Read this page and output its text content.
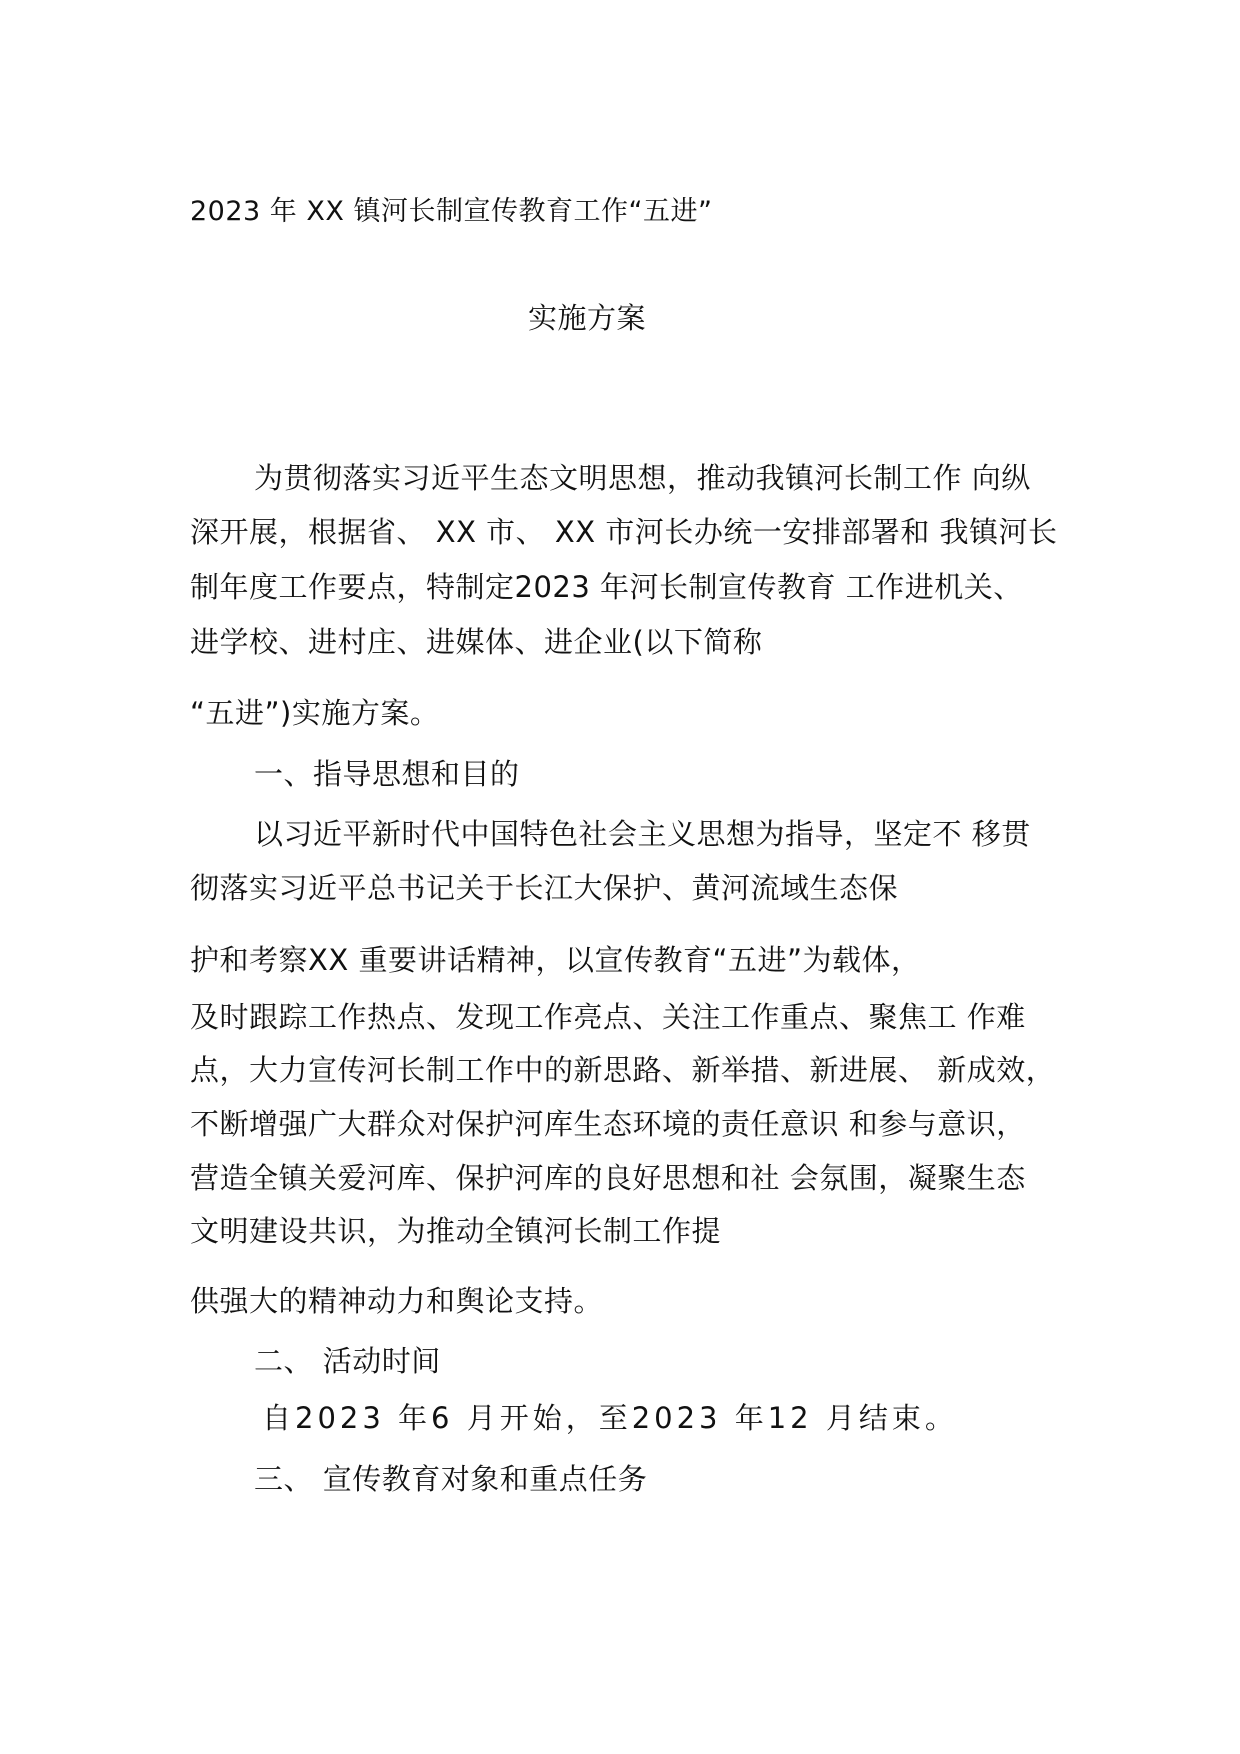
2023 年 XX 镇河长制宣传教育工作“五进”
实施方案
为贯彻落实习近平生态文明思想，推动我镇河长制工作 向纵
深开展，根据省、 XX 市、 XX 市河长办统一安排部署和 我镇河长
制年度工作要点，特制定2023 年河长制宣传教育 工作进机关、
进学校、进村庄、进媒体、进企业(以下简称
“五进”)实施方案。
一、指导思想和目的
以习近平新时代中国特色社会主义思想为指导，坚定不 移贯
彻落实习近平总书记关于长江大保护、黄河流域生态保
护和考察XX 重要讲话精神，以宣传教育“五进”为载体，
及时跟踪工作热点、发现工作亮点、关注工作重点、聚焦工 作难
点，大力宣传河长制工作中的新思路、新举措、新进展、 新成效，
不断增强广大群众对保护河库生态环境的责任意识 和参与意识，
营造全镇关爱河库、保护河库的良好思想和社 会氛围，凝聚生态
文明建设共识，为推动全镇河长制工作提
供强大的精神动力和舆论支持。
二、 活动时间
自2023 年6 月开始，至2023 年12 月结束。
三、 宣传教育对象和重点任务
